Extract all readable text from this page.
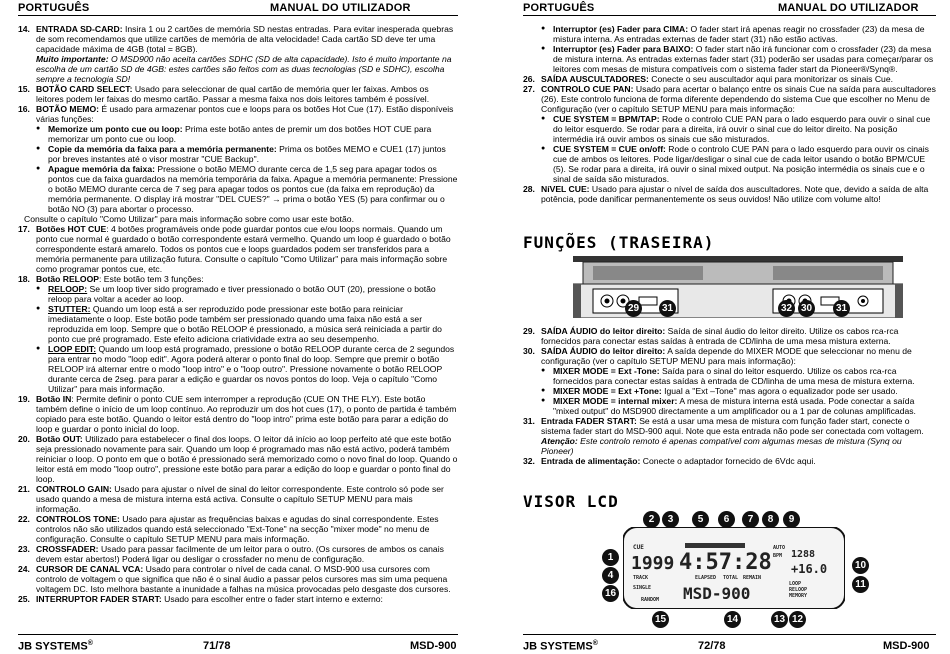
PORTUGUÊS	MANUAL DO UTILIZADOR
14. ENTRADA SD-CARD: Insira 1 ou 2 cartões de memória SD nestas entradas. Para evitar inesperada quebras de som recomendamos que utilize cartões de memória de alta velocidade! Cada cartão SD deve ter uma capacidade máxima de 4GB (total = 8GB).
Muito importante: O MSD900 não aceita cartões SDHC (SD de alta capacidade). Isto é muito importante na escolha de um cartão SD de 4GB: estes cartões são feitos com as duas tecnologias (SD e SDHC), escolha sempre a tecnologia SD!
15. BOTÃO CARD SELECT: Usado para seleccionar de qual cartão de memória quer ler faixas. Ambos os leitores podem ler faixas do mesmo cartão. Passar a mesma faixa nos dois leitores também é possível.
16. BOTÃO MEMO: É usado para armazenar pontos cue e loops para os botões Hot Cue (17). Estão disponíveis várias funções:
● Memorize um ponto cue ou loop: Prima este botão antes de premir um dos botões HOT CUE para memorizar um ponto cue ou loop.
● Copie da memória da faixa para a memória permanente: Prima os botões MEMO e CUE1 (17) juntos por breves instantes até o visor mostrar "CUE Backup".
● Apague memória da faixa: Pressione o botão MEMO durante cerca de 1,5 seg para apagar todos os pontos cue da faixa guardados na memória temporária da faixa. Apague a memória permanente: Pressione o botão MEMO durante cerca de 7 seg para apagar todos os pontos cue (da faixa em reprodução) da memória permanente. O display irá mostrar "DEL CUES?" → prima o botão YES (5) para confirmar ou o botão NO (3) para abortar o processo.
Consulte o capítulo "Como Utilizar" para mais informação sobre como usar este botão.
17. Botões HOT CUE: 4 botões programáveis onde pode guardar pontos cue e/ou loops normais. Quando um ponto cue normal é guardado o botão correspondente estará vermelho. Quando um loop é guardado o botão correspondente estará amarelo. Todos os pontos cue e loops guardados podem ser transferidos para a memória permanente para utilização futura. Consulte o capítulo "Como Utilizar" para mais informação sobre como programar pontos cue, etc.
18. Botão RELOOP: Este botão tem 3 funções:
● RELOOP: Se um loop tiver sido programado e tiver pressionado o botão OUT (20), pressione o botão reloop para voltar a aceder ao loop.
● STUTTER: Quando um loop está a ser reproduzido pode pressionar este botão para reiniciar imediatamente o loop. Este botão pode também ser pressionado quando uma faixa não está a ser reproduzida em loop. Sempre que o botão RELOOP é pressionado, a música será reiniciada a partir do ponto cue pré programado. Este efeito adiciona criatividade extra ao seu desempenho.
● LOOP EDIT: Quando um loop está programado, pressione o botão RELOOP durante cerca de 2 segundos para entrar no modo "loop edit". Agora poderá alterar o ponto final do loop. Sempre que premir o botão RELOOP irá alternar entre o modo "loop intro" e o "loop outro". Pressione novamente o botão RELOOP durante cerca de 2seg. para parar a edição e guardar os novos pontos do loop. Veja o capítulo "Como Utilizar" para mais informação.
19. Botão IN: Permite definir o ponto CUE sem interromper a reprodução (CUE ON THE FLY). Este botão também define o início de um loop contínuo. Ao reproduzir um dos hot cues (17), o ponto de partida é também copiado para este botão. Quando o leitor está dentro do "loop intro" prima este botão para parar a edição do loop e guardar o ponto inicial do loop.
20. Botão OUT: Utilizado para estabelecer o final dos loops. O leitor dá início ao loop perfeito até que este botão seja pressionado novamente para sair. Quando um loop é programado mas não está activo, poderá também reiniciar o loop. O ponto em que o botão é pressionado será memorizado como o novo final do loop. Quando o leitor está em modo "loop outro", pressione este botão para parar a edição do loop e guardar o ponto final do loop.
21. CONTROLO GAIN: Usado para ajustar o nível de sinal do leitor correspondente. Este controlo só pode ser usado quando a mesa de mistura interna está activa. Consulte o capítulo SETUP MENU para mais informação.
22. CONTROLOS TONE: Usado para ajustar as frequências baixas e agudas do sinal correspondente. Estes controlos não são utilizados quando está seleccionado "Ext-Tone" na secção "mixer mode" no menu de configuração. Consulte o capítulo SETUP MENU para mais informação.
23. CROSSFADER: Usado para passar facilmente de um leitor para o outro. (Os cursores de ambos os canais devem estar abertos!) Poderá ligar ou desligar o crossfader no menu de configuração.
24. CURSOR DE CANAL VCA: Usado para controlar o nível de cada canal. O MSD-900 usa cursores com controlo de voltagem o que significa que não é o sinal áudio a passar pelos cursores mas sim uma pequena voltagem DC. Isto melhora bastante a inunidade a falhas na música provocadas pelo desgaste dos cursores.
25. INTERRUPTOR FADER START: Usado para escolher entre o fader start interno e externo:
JB SYSTEMS®	71/78	MSD-900
PORTUGUÊS	MANUAL DO UTILIZADOR
● Interruptor (es) Fader para CIMA: O fader start irá apenas reagir no crossfader (23) da mesa de mistura interna. As entradas externas de fader start (31) não estão activas.
● Interruptor (es) Fader para BAIXO: O fader start não irá funcionar com o crossfader (23) da mesa de mistura interna. As entradas externas fader start (31) poderão ser usadas para começar/parar os leitores com mesas de mistura compatíveis com o sistema fader start da Pioneer®/Synq®.
26. SAÍDA AUSCULTADORES: Conecte o seu auscultador aqui para monitorizar os sinais Cue.
27. CONTROLO CUE PAN: Usado para acertar o balanço entre os sinais Cue na saída para auscultadores (26). Este controlo funciona de forma diferente dependendo do sistema Cue que escolher no Menu de Configuração (ver o capítulo SETUP MENU para mais informação:
● CUE SYSTEM = BPM/TAP: Rode o controlo CUE PAN para o lado esquerdo para ouvir o sinal cue do leitor esquerdo. Se rodar para a direita, irá ouvir o sinal cue do leitor direito. Na posição intermédia irá ouvir ambos os sinais cue são misturados.
● CUE SYSTEM = CUE on/off: Rode o controlo CUE PAN para o lado esquerdo para ouvir os cinais cue de ambos os leitores. Pode ligar/desligar o sinal cue de cada leitor usando o botão BPM/CUE (5). Se rodar para a direita, irá ouvir o sinal mixed output. Na posição intermédia os sinais cue e o sinal de saída são misturados.
28. NíVEL CUE: Usado para ajustar o nível de saída dos auscultadores. Note que, devido a saída de alta potência, pode danificar permanentemente os seus ouvidos! Não utilize com volume alto!
FUNÇÕES (TRASEIRA)
29 31	32 30 31
29. SAÍDA ÁUDIO do leitor direito: Saída de sinal áudio do leitor direito. Utilize os cabos rca-rca fornecidos para conectar estas saídas à entrada de CD/linha de uma mesa mistura externa.
30. SAÍDA ÁUDIO do leitor direito: A saída depende do MIXER MODE que seleccionar no menu de configuração (ver o capítulo SETUP MENU para mais informação):
● MIXER MODE = Ext -Tone: Saída para o sinal do leitor esquerdo. Utilize os cabos rca-rca fornecidos para conectar estas saídas à entrada de CD/linha de uma mesa de mistura externa.
● MIXER MODE = Ext +Tone: Igual a "Ext –Tone" mas agora o equalizador pode ser usado.
● MIXER MODE = internal mixer: A mesa de mistura interna está usada. Pode conectar a saída "mixed output" do MSD900 directamente a um amplificador ou a 1 par de colunas amplificadas.
31. Entrada FADER START: Se está a usar uma mesa de mistura com função fader start, conecte o sistema fader start do MSD-900 aqui. Note que esta entrada não pode ser conectada com voltagem.
Atenção: Este controlo remoto é apenas compatível com algumas mesas de mistura (Synq ou Pioneer)
32. Entrada de alimentação: Conecte o adaptador fornecido de 6Vdc aqui.
VISOR LCD
CUE
1999 4:57:28 1288
+16.0
AUTO
BPM
TRACK	ELAPSED TOTAL REMAIN
SINGLE
RANDOM MSD-900	LOOP
RELOOP
MEMORY
2	3	5	6	7	8	9
1
4
16
10
11
15	14	13 12
JB SYSTEMS®	72/78	MSD-900
